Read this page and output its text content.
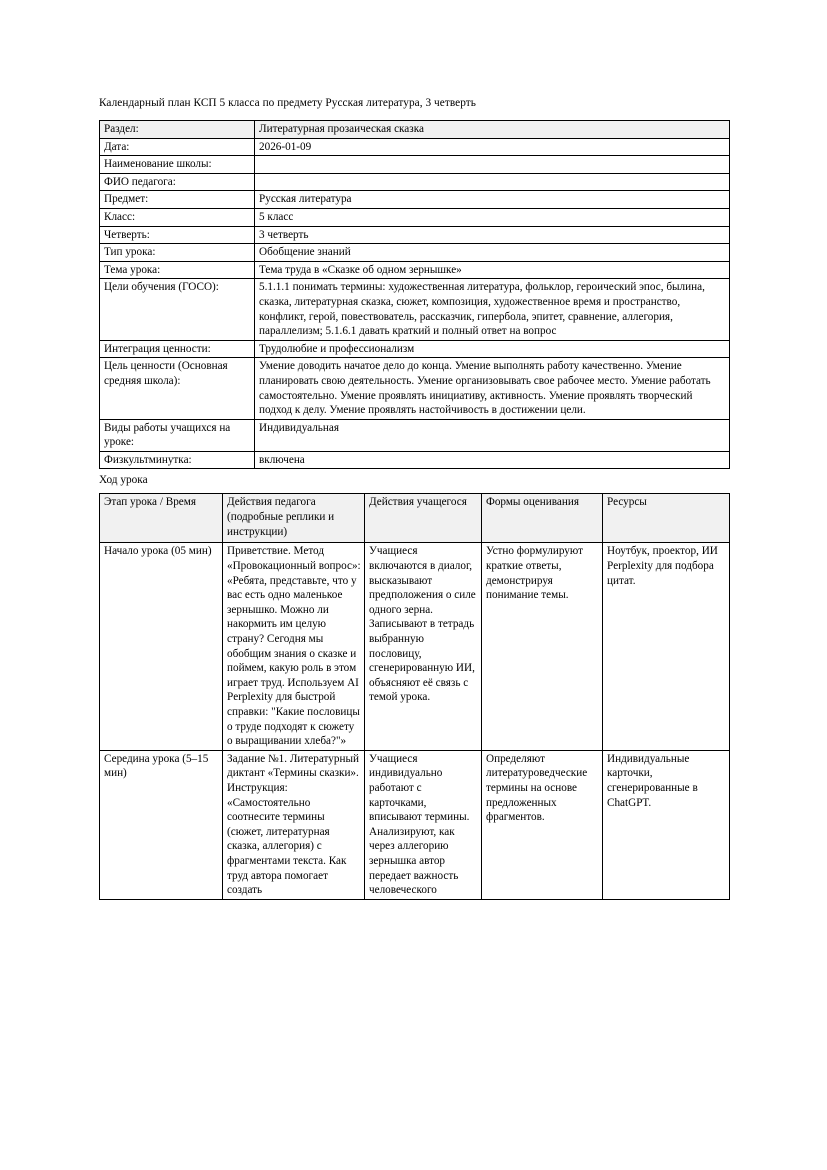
Календарный план КСП 5 класса по предмету Русская литература, 3 четверть

Раздел:	Литературная прозаическая сказка
Дата:	2026-01-09
Наименование школы:	
ФИО педагога:	
Предмет:	Русская литература
Класс:	5 класс
Четверть:	3 четверть
Тип урока:	Обобщение знаний
Тема урока:	Тема труда в «Сказке об одном зернышке»
Цели обучения (ГОСО):	5.1.1.1 понимать термины: художественная литература, фольклор, героический эпос, былина, сказка, литературная сказка, сюжет, композиция, художественное время и пространство, конфликт, герой, повествователь, рассказчик, гипербола, эпитет, сравнение, аллегория, параллелизм; 5.1.6.1 давать краткий и полный ответ на вопрос
Интеграция ценности:	Трудолюбие и профессионализм
Цель ценности (Основная средняя школа):	Умение доводить начатое дело до конца. Умение выполнять работу качественно. Умение планировать свою деятельность. Умение организовывать свое рабочее место. Умение работать самостоятельно. Умение проявлять инициативу, активность. Умение проявлять творческий подход к делу. Умение проявлять настойчивость в достижении цели.
Виды работы учащихся на уроке:	Индивидуальная
Физкультминутка:	включена

Ход урока

Этап урока / Время	Действия педагога (подробные реплики и инструкции)	Действия учащегося	Формы оценивания	Ресурсы
Начало урока (05 мин)	Приветствие. Метод «Провокационный вопрос»: «Ребята, представьте, что у вас есть одно маленькое зернышко. Можно ли накормить им целую страну? Сегодня мы обобщим знания о сказке и поймем, какую роль в этом играет труд. Используем AI Perplexity для быстрой справки: "Какие пословицы о труде подходят к сюжету о выращивании хлеба?"»	Учащиеся включаются в диалог, высказывают предположения о силе одного зерна. Записывают в тетрадь выбранную пословицу, сгенерированную ИИ, объясняют её связь с темой урока.	Устно формулируют краткие ответы, демонстрируя понимание темы.	Ноутбук, проектор, ИИ Perplexity для подбора цитат.
Середина урока (5–15 мин)	Задание №1. Литературный диктант «Термины сказки». Инструкция: «Самостоятельно соотнесите термины (сюжет, литературная сказка, аллегория) с фрагментами текста. Как труд автора помогает создать	Учащиеся индивидуально работают с карточками, вписывают термины. Анализируют, как через аллегорию зернышка автор передает важность человеческого	Определяют литературоведческие термины на основе предложенных фрагментов.	Индивидуальные карточки, сгенерированные в ChatGPT.
